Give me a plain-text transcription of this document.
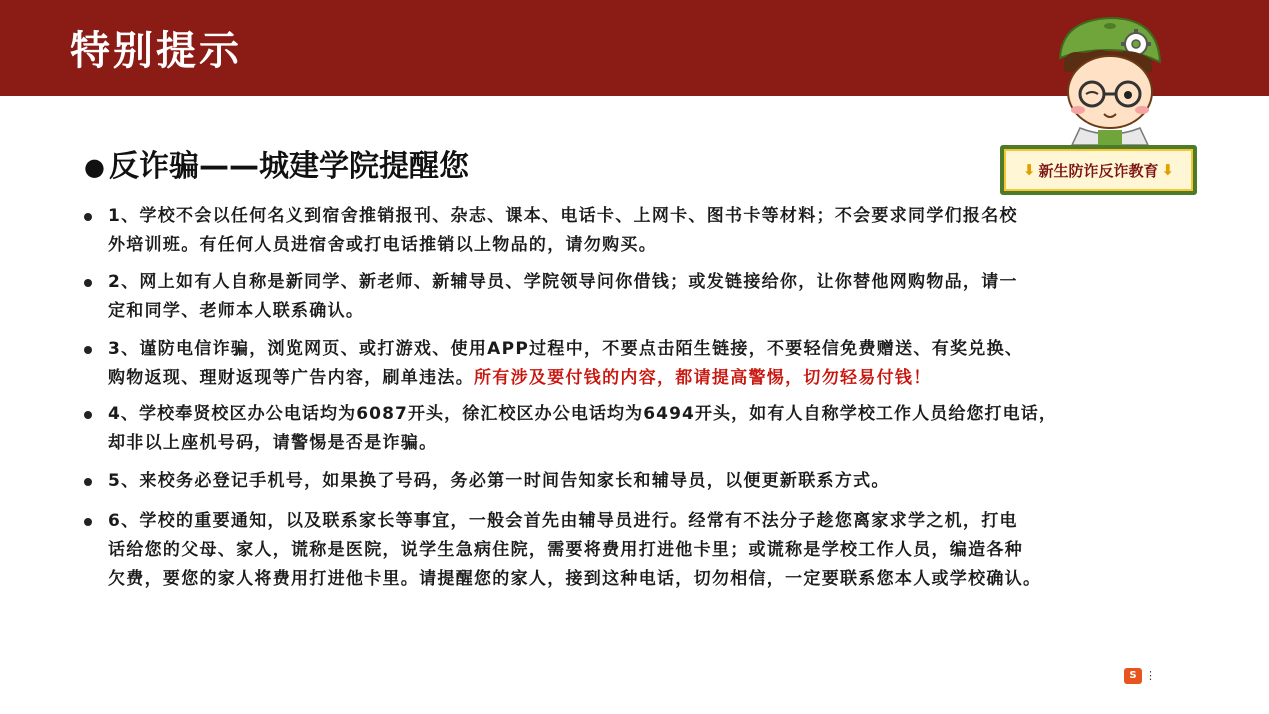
特别提示
⬇ 新生防诈反诈教育 ⬇
● 反诈骗——城建学院提醒您
1、学校不会以任何名义到宿舍推销报刊、杂志、课本、电话卡、上网卡、图书卡等材料；不会要求同学们报名校
外培训班。有任何人员进宿舍或打电话推销以上物品的，请勿购买。
2、网上如有人自称是新同学、新老师、新辅导员、学院领导问你借钱；或发链接给你，让你替他网购物品，请一
定和同学、老师本人联系确认。
3、谨防电信诈骗，浏览网页、或打游戏、使用APP过程中，不要点击陌生链接，不要轻信免费赠送、有奖兑换、
购物返现、理财返现等广告内容，刷单违法。所有涉及要付钱的内容，都请提高警惕，切勿轻易付钱！
4、学校奉贤校区办公电话均为6087开头，徐汇校区办公电话均为6494开头，如有人自称学校工作人员给您打电话，
却非以上座机号码，请警惕是否是诈骗。
5、来校务必登记手机号，如果换了号码，务必第一时间告知家长和辅导员，以便更新联系方式。
6、学校的重要通知，以及联系家长等事宜，一般会首先由辅导员进行。经常有不法分子趁您离家求学之机，打电
话给您的父母、家人，谎称是医院，说学生急病住院，需要将费用打进他卡里；或谎称是学校工作人员，编造各种
欠费，要您的家人将费用打进他卡里。请提醒您的家人，接到这种电话，切勿相信，一定要联系您本人或学校确认。
S ⋮
